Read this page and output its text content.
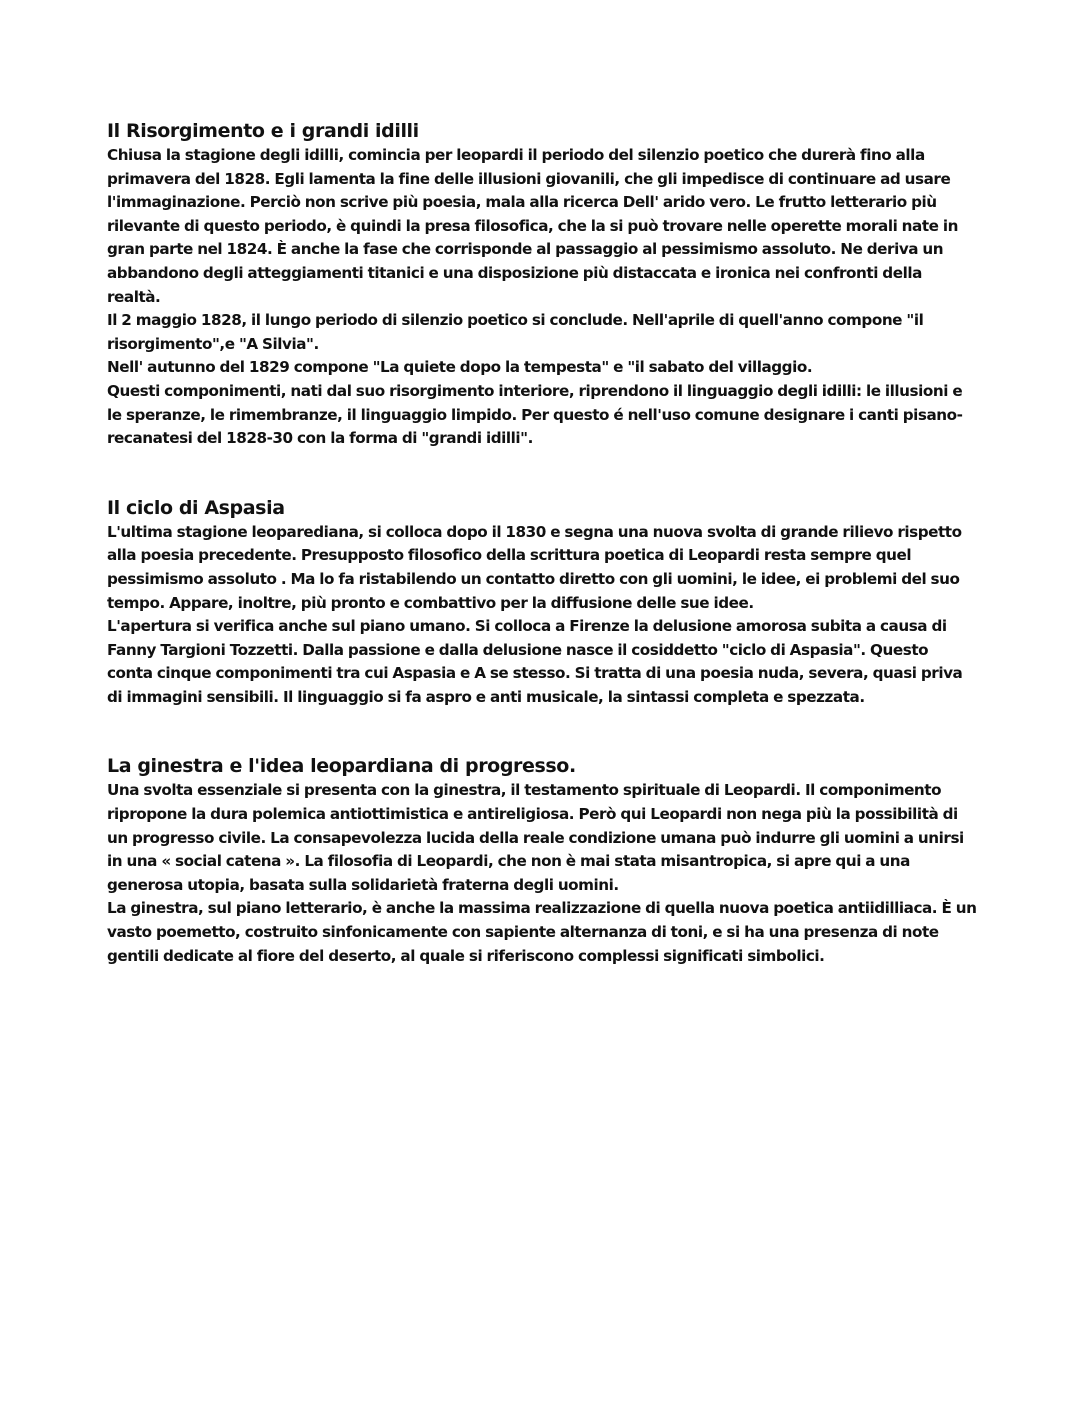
Il Risorgimento e i grandi idilli

Chiusa la stagione degli idilli, comincia per leopardi il periodo del silenzio poetico che durerà fino alla primavera del 1828. Egli lamenta la fine delle illusioni giovanili, che gli impedisce di continuare ad usare l'immaginazione. Perciò non scrive più poesia, mala alla ricerca Dell' arido vero. Le frutto letterario più rilevante di questo periodo, è quindi la presa filosofica, che la si può trovare nelle operette morali nate in gran parte nel 1824. È anche la fase che corrisponde al passaggio al pessimismo assoluto. Ne deriva un abbandono degli atteggiamenti titanici e una disposizione più distaccata e ironica nei confronti della realtà.

Il 2 maggio 1828, il lungo periodo di silenzio poetico si conclude. Nell'aprile di quell'anno compone "il risorgimento",e "A Silvia".

Nell' autunno del 1829 compone "La quiete dopo la tempesta" e "il sabato del villaggio.

Questi componimenti, nati dal suo risorgimento interiore, riprendono il linguaggio degli idilli: le illusioni e le speranze, le rimembranze, il linguaggio limpido. Per questo é nell'uso comune designare i canti pisano-recanatesi del 1828-30 con la forma di "grandi idilli".

Il ciclo di Aspasia

L'ultima stagione leoparediana, si colloca dopo il 1830 e segna una nuova svolta di grande rilievo rispetto alla poesia precedente. Presupposto filosofico della scrittura poetica di Leopardi resta sempre quel pessimismo assoluto . Ma lo fa ristabilendo un contatto diretto con gli uomini, le idee, ei problemi del suo tempo. Appare, inoltre, più pronto e combattivo per la diffusione delle sue idee.

L'apertura si verifica anche sul piano umano. Si colloca a Firenze la delusione amorosa subita a causa di Fanny Targioni Tozzetti. Dalla passione e dalla delusione nasce il cosiddetto "ciclo di Aspasia". Questo conta cinque componimenti tra cui Aspasia e A se stesso. Si tratta di una poesia nuda, severa, quasi priva di immagini sensibili. Il linguaggio si fa aspro e anti musicale, la sintassi completa e spezzata.

La ginestra e l'idea leopardiana di progresso.

Una svolta essenziale si presenta con la ginestra, il testamento spirituale di Leopardi. Il componimento ripropone la dura polemica antiottimistica e antireligiosa. Però qui Leopardi non nega più la possibilità di un progresso civile. La consapevolezza lucida della reale condizione umana può indurre gli uomini a unirsi in una « social catena ». La filosofia di Leopardi, che non è mai stata misantropica, si apre qui a una generosa utopia, basata sulla solidarietà fraterna degli uomini.

La ginestra, sul piano letterario, è anche la massima realizzazione di quella nuova poetica antiidilliaca. È un vasto poemetto, costruito sinfonicamente con sapiente alternanza di toni, e si ha una presenza di note gentili dedicate al fiore del deserto, al quale si riferiscono complessi significati simbolici.
